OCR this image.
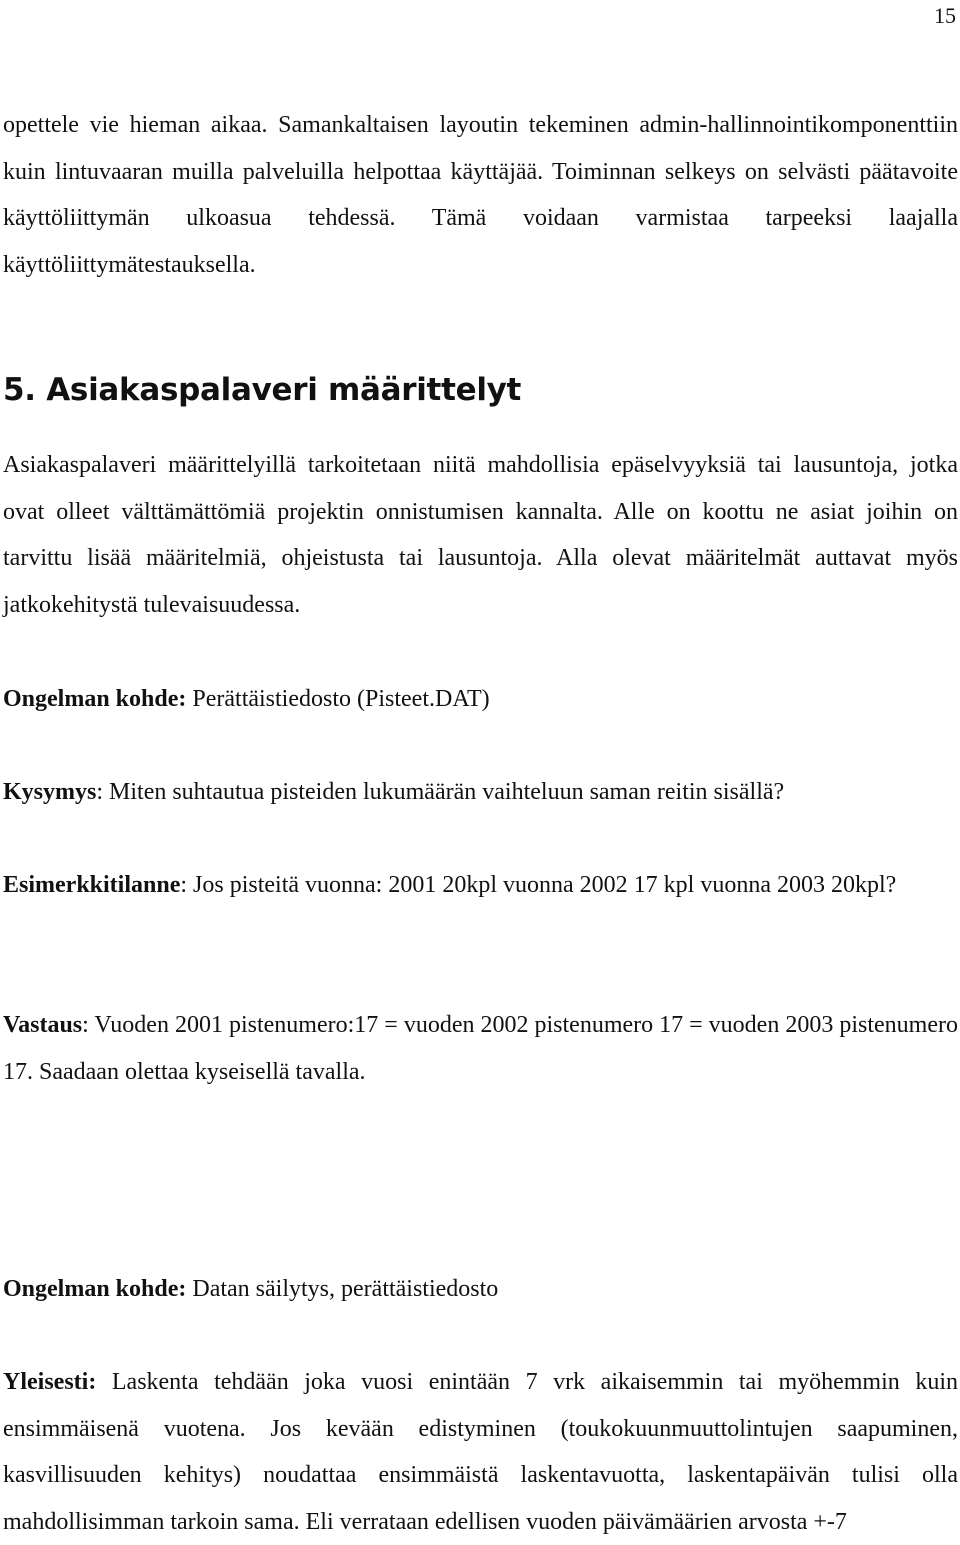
15

opettele vie hieman aikaa. Samankaltaisen layoutin tekeminen admin-hallinnointikomponenttiin kuin lintuvaaran muilla palveluilla helpottaa käyttäjää. Toiminnan selkeys on selvästi päätavoite käyttöliittymän ulkoasua tehdessä. Tämä voidaan varmistaa tarpeeksi laajalla käyttöliittymätestauksella.

5. Asiakaspalaveri määrittelyt

Asiakaspalaveri määrittelyillä tarkoitetaan niitä mahdollisia epäselvyyksiä tai lausuntoja, jotka ovat olleet välttämättömiä projektin onnistumisen kannalta. Alle on koottu ne asiat joihin on tarvittu lisää määritelmiä, ohjeistusta tai lausuntoja. Alla olevat määritelmät auttavat myös jatkokehitystä tulevaisuudessa.

Ongelman kohde: Perättäistiedosto (Pisteet.DAT)

Kysymys: Miten suhtautua pisteiden lukumäärän vaihteluun saman reitin sisällä?

Esimerkkitilanne: Jos pisteitä vuonna: 2001 20kpl vuonna 2002 17 kpl vuonna 2003 20kpl?

Vastaus: Vuoden 2001 pistenumero:17 = vuoden 2002 pistenumero 17 = vuoden 2003 pistenumero 17. Saadaan olettaa kyseisellä tavalla.

Ongelman kohde: Datan säilytys, perättäistiedosto

Yleisesti: Laskenta tehdään joka vuosi enintään 7 vrk aikaisemmin tai myöhemmin kuin ensimmäisenä vuotena. Jos kevään edistyminen (toukokuunmuuttolintujen saapuminen, kasvillisuuden kehitys) noudattaa ensimmäistä laskentavuotta, laskentapäivän tulisi olla mahdollisimman tarkoin sama. Eli verrataan edellisen vuoden päivämäärien arvosta +-7
